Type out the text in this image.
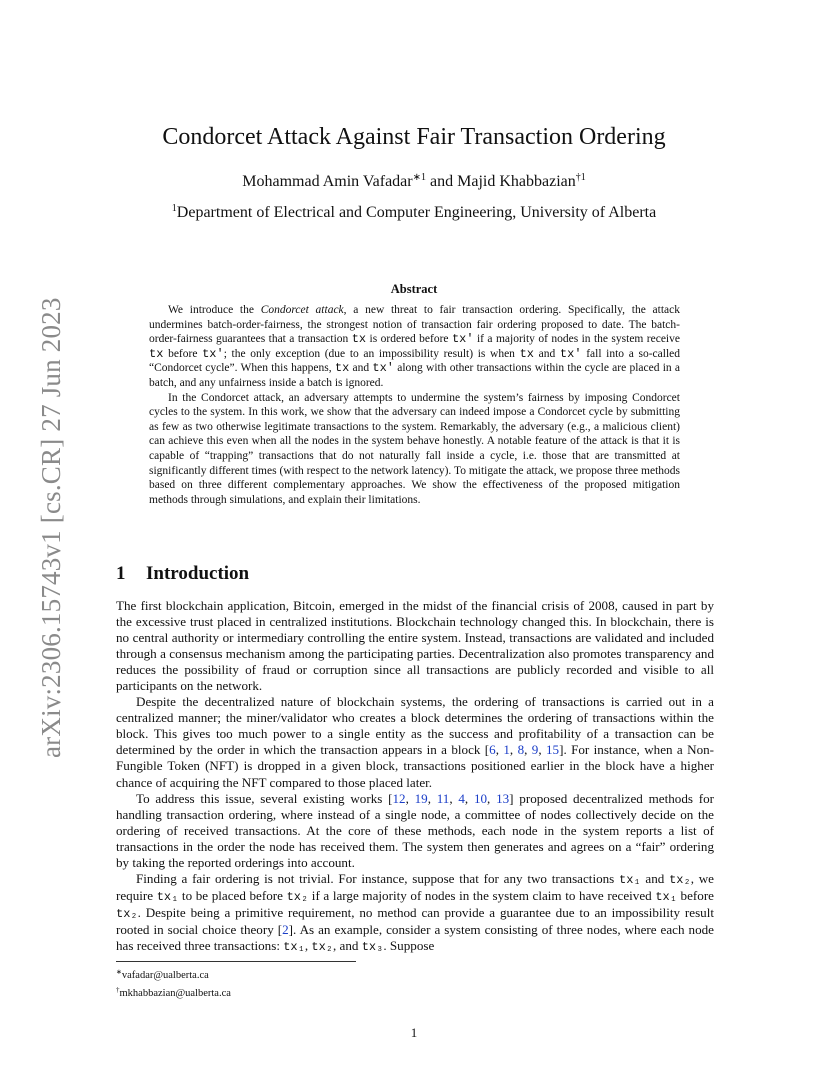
arXiv:2306.15743v1 [cs.CR] 27 Jun 2023
Condorcet Attack Against Fair Transaction Ordering
Mohammad Amin Vafadar$^{∗1}$ and Majid Khabbazian$^{\dagger 1}$
$^1$Department of Electrical and Computer Engineering, University of Alberta
Abstract

We introduce the Condorcet attack, a new threat to fair transaction ordering. Specifically, the attack undermines batch-order-fairness, the strongest notion of transaction fair ordering proposed to date. The batch-order-fairness guarantees that a transaction tx is ordered before tx′ if a majority of nodes in the system receive tx before tx′; the only exception (due to an impossibility result) is when tx and tx′ fall into a so-called “Condorcet cycle”. When this happens, tx and tx′ along with other transactions within the cycle are placed in a batch, and any unfairness inside a batch is ignored.

In the Condorcet attack, an adversary attempts to undermine the system’s fairness by imposing Condorcet cycles to the system. In this work, we show that the adversary can indeed impose a Condorcet cycle by submitting as few as two otherwise legitimate transactions to the system. Remarkably, the adversary (e.g., a malicious client) can achieve this even when all the nodes in the system behave honestly. A notable feature of the attack is that it is capable of “trapping” transactions that do not naturally fall inside a cycle, i.e. those that are transmitted at significantly different times (with respect to the network latency). To mitigate the attack, we propose three methods based on three different complementary approaches. We show the effectiveness of the proposed mitigation methods through simulations, and explain their limitations.

1 Introduction

The first blockchain application, Bitcoin, emerged in the midst of the financial crisis of 2008, caused in part by the excessive trust placed in centralized institutions. Blockchain technology changed this. In blockchain, there is no central authority or intermediary controlling the entire system. Instead, transactions are validated and included through a consensus mechanism among the participating parties. Decentralization also promotes transparency and reduces the possibility of fraud or corruption since all transactions are publicly recorded and visible to all participants on the network.

Despite the decentralized nature of blockchain systems, the ordering of transactions is carried out in a centralized manner; the miner/validator who creates a block determines the ordering of transactions within the block. This gives too much power to a single entity as the success and profitability of a transaction can be determined by the order in which the transaction appears in a block [6, 1, 8, 9, 15]. For instance, when a Non-Fungible Token (NFT) is dropped in a given block, transactions positioned earlier in the block have a higher chance of acquiring the NFT compared to those placed later.

To address this issue, several existing works [12, 19, 11, 4, 10, 13] proposed decentralized methods for handling transaction ordering, where instead of a single node, a committee of nodes collectively decide on the ordering of received transactions. At the core of these methods, each node in the system reports a list of transactions in the order the node has received them. The system then generates and agrees on a “fair” ordering by taking the reported orderings into account.

Finding a fair ordering is not trivial. For instance, suppose that for any two transactions tx₁ and tx₂, we require tx₁ to be placed before tx₂ if a large majority of nodes in the system claim to have received tx₁ before tx₂. Despite being a primitive requirement, no method can provide a guarantee due to an impossibility result rooted in social choice theory [2]. As an example, consider a system consisting of three nodes, where each node has received three transactions: tx₁, tx₂, and tx₃. Suppose

∗vafadar@ualberta.ca
†mkhabbazian@ualberta.ca
1
